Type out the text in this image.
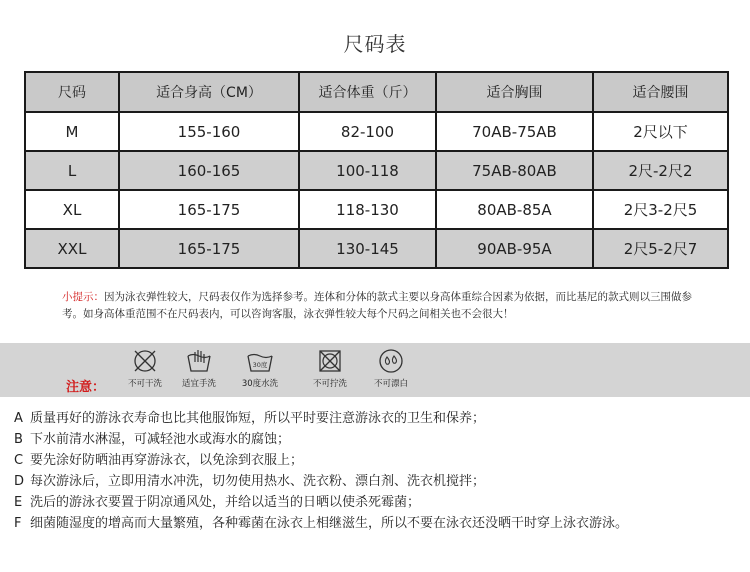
尺码表
尺码	适合身高（CM）	适合体重（斤）	适合胸围	适合腰围
M	155-160	82-100	70AB-75AB	2尺以下
L	160-165	100-118	75AB-80AB	2尺-2尺2
XL	165-175	118-130	80AB-85A	2尺3-2尺5
XXL	165-175	130-145	90AB-95A	2尺5-2尺7
小提示：因为泳衣弹性较大，尺码表仅作为选择参考。连体和分体的款式主要以身高体重综合因素为依据，而比基尼的款式则以三围做参考。如身高体重范围不在尺码表内，可以咨询客服，泳衣弹性较大每个尺码之间相关也不会很大！
注意：	不可干洗	适宜手洗
30度
30度水洗	不可拧洗	不可漂白
A 质量再好的游泳衣寿命也比其他服饰短，所以平时要注意游泳衣的卫生和保养；
B 下水前清水淋湿，可减轻池水或海水的腐蚀；
C 要先涂好防晒油再穿游泳衣，以免涂到衣服上；
D 每次游泳后，立即用清水冲洗，切勿使用热水、洗衣粉、漂白剂、洗衣机搅拌；
E 洗后的游泳衣要置于阴凉通风处，并给以适当的日晒以使杀死霉菌；
F 细菌随湿度的增高而大量繁殖，各种霉菌在泳衣上相继滋生，所以不要在泳衣还没晒干时穿上泳衣游泳。
